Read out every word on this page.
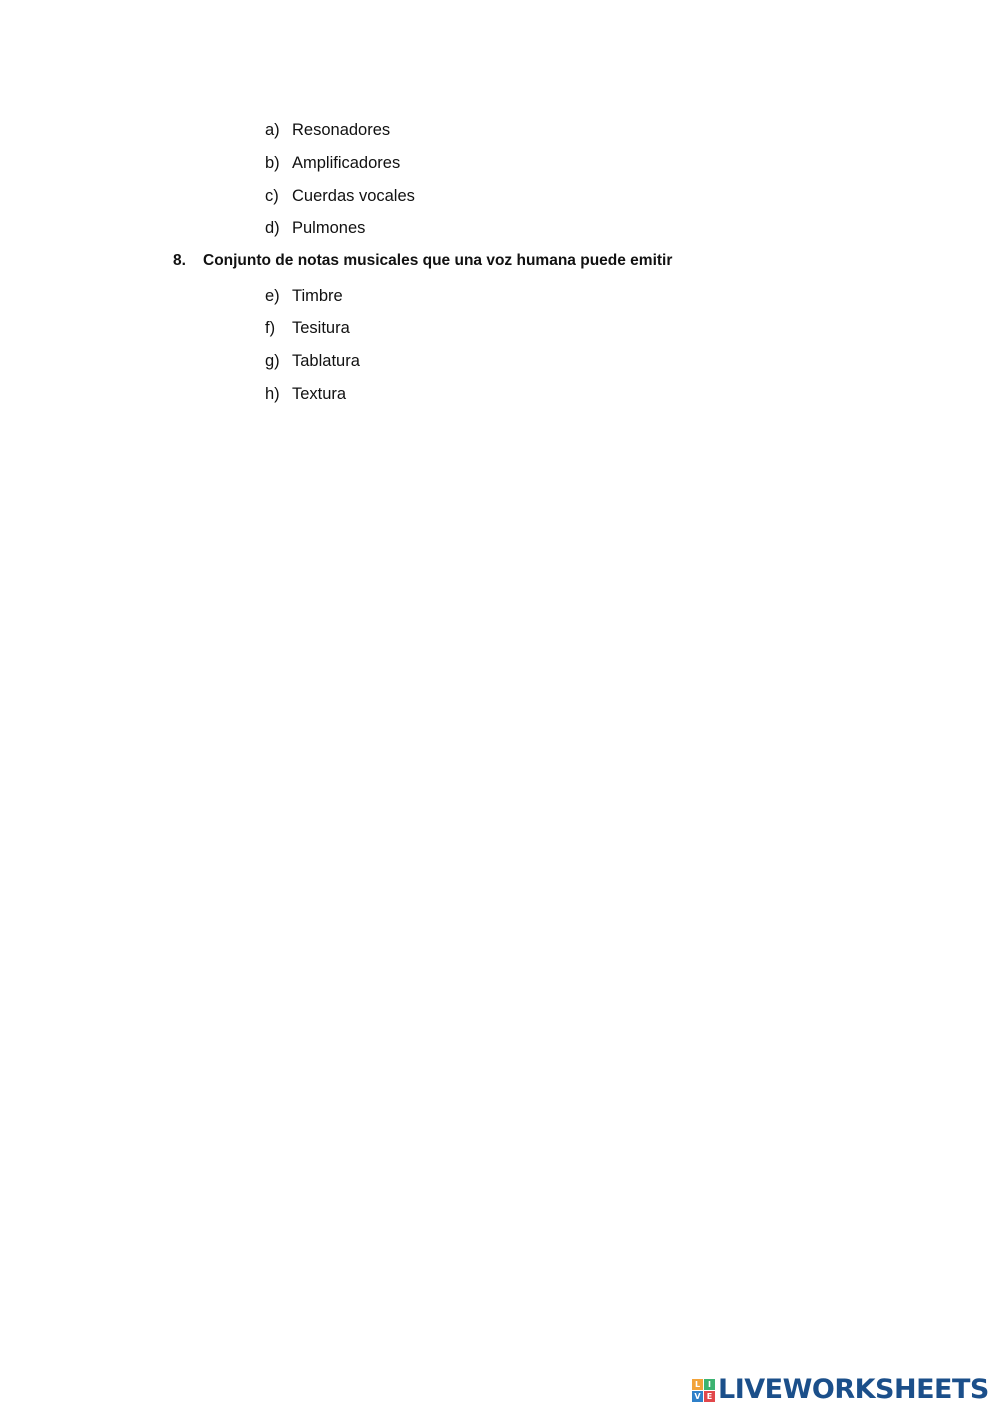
a) Resonadores
b) Amplificadores
c) Cuerdas vocales
d) Pulmones
8. Conjunto de notas musicales que una voz humana puede emitir
e) Timbre
f) Tesitura
g) Tablatura
h) Textura
L I
V E LIVEWORKSHEETS
